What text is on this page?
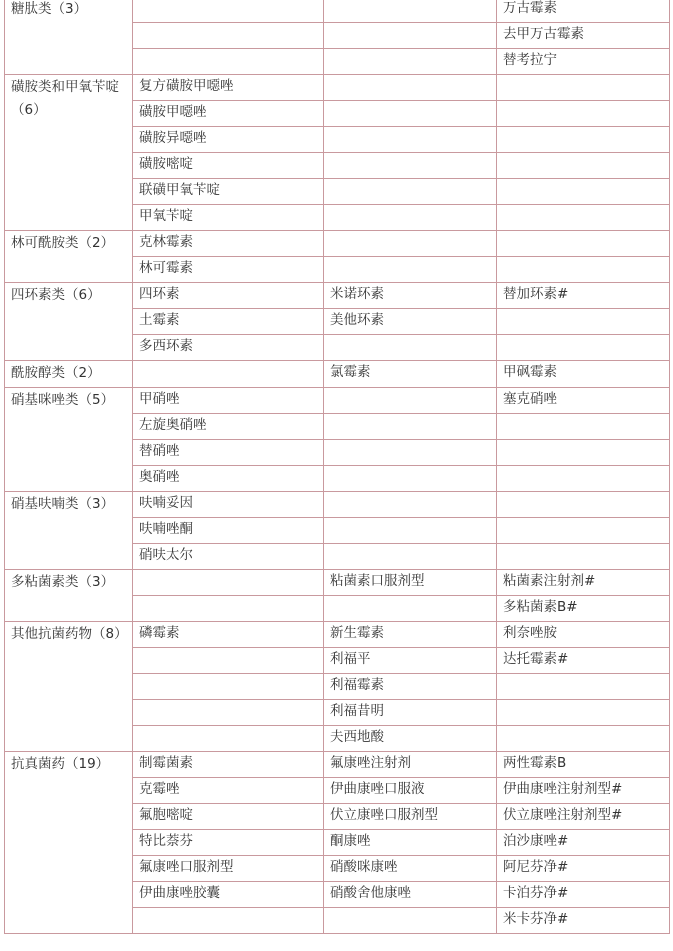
糖肽类（3）			万古霉素
			去甲万古霉素
			替考拉宁
磺胺类和甲氧苄啶（6）	复方磺胺甲噁唑		
	磺胺甲噁唑		
	磺胺异噁唑		
	磺胺嘧啶		
	联磺甲氧苄啶		
	甲氧苄啶		
林可酰胺类（2）	克林霉素		
	林可霉素		
四环素类（6）	四环素	米诺环素	替加环素#
	土霉素	美他环素	
	多西环素		
酰胺醇类（2）		氯霉素	甲砜霉素
硝基咪唑类（5）	甲硝唑		塞克硝唑
	左旋奥硝唑		
	替硝唑		
	奥硝唑		
硝基呋喃类（3）	呋喃妥因		
	呋喃唑酮		
	硝呋太尔		
多粘菌素类（3）		粘菌素口服剂型	粘菌素注射剂#
			多粘菌素B#
其他抗菌药物（8）	磷霉素	新生霉素	利奈唑胺
		利福平	达托霉素#
		利福霉素	
		利福昔明	
		夫西地酸	
抗真菌药（19）	制霉菌素	氟康唑注射剂	两性霉素B
	克霉唑	伊曲康唑口服液	伊曲康唑注射剂型#
	氟胞嘧啶	伏立康唑口服剂型	伏立康唑注射剂型#
	特比萘芬	酮康唑	泊沙康唑#
	氟康唑口服剂型	硝酸咪康唑	阿尼芬净#
	伊曲康唑胶囊	硝酸舍他康唑	卡泊芬净#
			米卡芬净#
